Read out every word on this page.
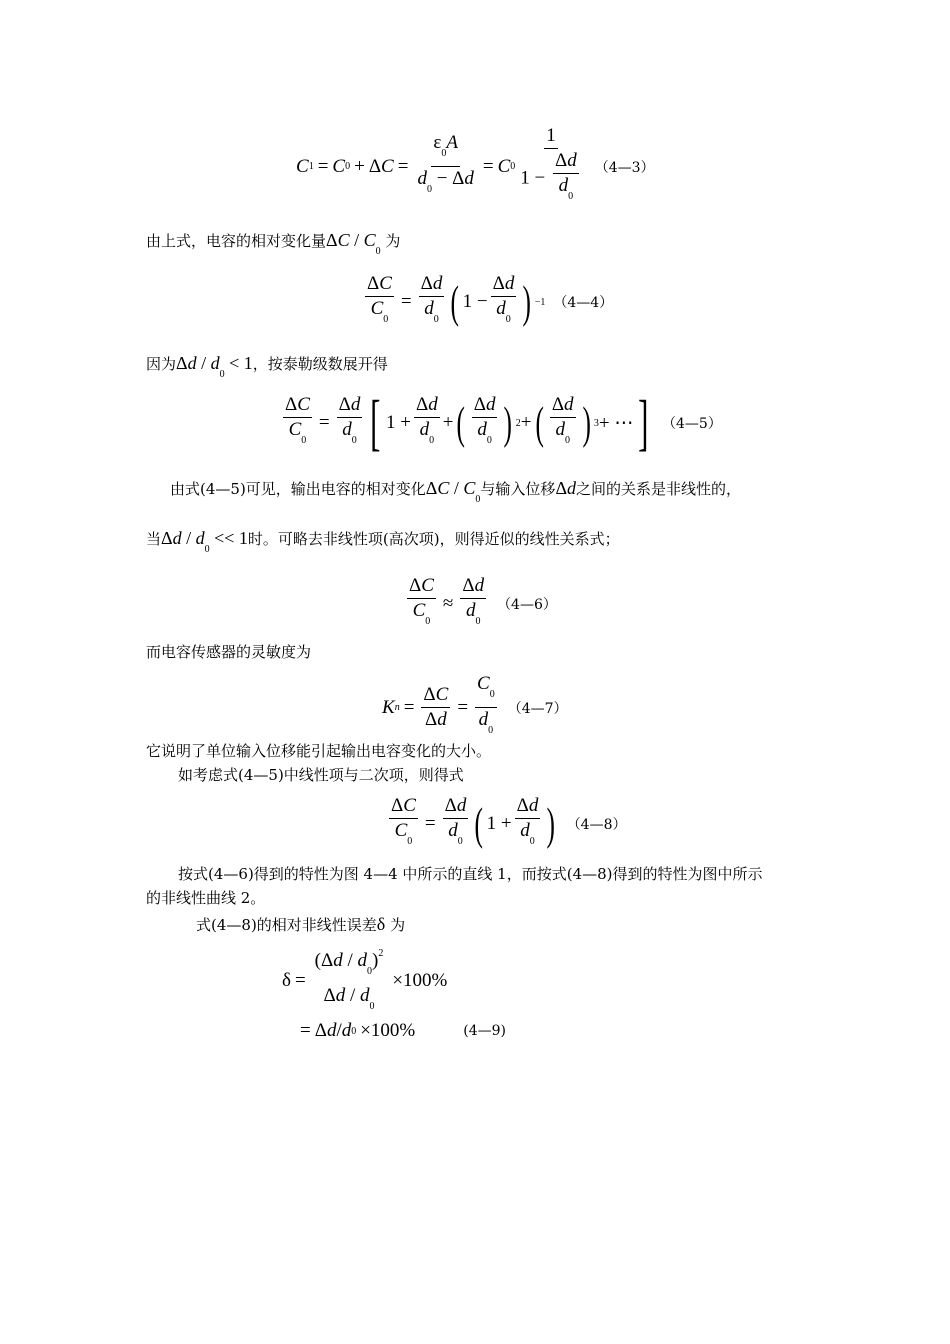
C 1 = C 0 + Δ $C = \frac{\varepsilon_0A}{d_0 - \Delta d} = C$ $0 \frac{1}{1 - \frac{\Delta d}{d_0}}$ （4—3）
由上式，电容的相对变化量ΔC / $C_0$ 为
$\frac{\Delta C}{C_0} = \frac{\Delta d}{d_0}$ ( $1 - \frac{\Delta d}{d_0}$ ) −1 （4—4）
因为$\Delta d / d_0 < 1$，按泰勒级数展开得
$\frac{\Delta C}{C_0} = \frac{\Delta d}{d_0}$ [ $1 + \frac{\Delta d}{d_0}$ + ( $\frac{\Delta d}{d_0}$ ) 2 + ( $\frac{\Delta d}{d_0}$ ) 3 + ⋯ ] （4—5）
由式(4—5)可见，输出电容的相对变化ΔC / $C_0$与输入位移Δd之间的关系是非线性的，
当$\Delta d / d_0 << 1$时。可略去非线性项(高次项)，则得近似的线性关系式；
$\frac{\Delta C}{C_0} \approx \frac{\Delta d}{d_0}$ （4—6）
而电容传感器的灵敏度为
K $n = \frac{\Delta C}{\Delta d} = \frac{C_0}{d_0}$ （4—7）
它说明了单位输入位移能引起输出电容变化的大小。
如考虑式(4—5)中线性项与二次项，则得式
$\frac{\Delta C}{C_0} = \frac{\Delta d}{d_0}$ ( $1 + \frac{\Delta d}{d_0}$ ) （4—8）
按式(4—6)得到的特性为图 4—4 中所示的直线 1，而按式(4—8)得到的特性为图中所示
的非线性曲线 2。
式(4—8)的相对非线性误差δ 为
δ =
$(\Delta d / d_0)^2$
Δd / $d_0$
×100%
= Δ d / d 0 ×100%	(4—9)
